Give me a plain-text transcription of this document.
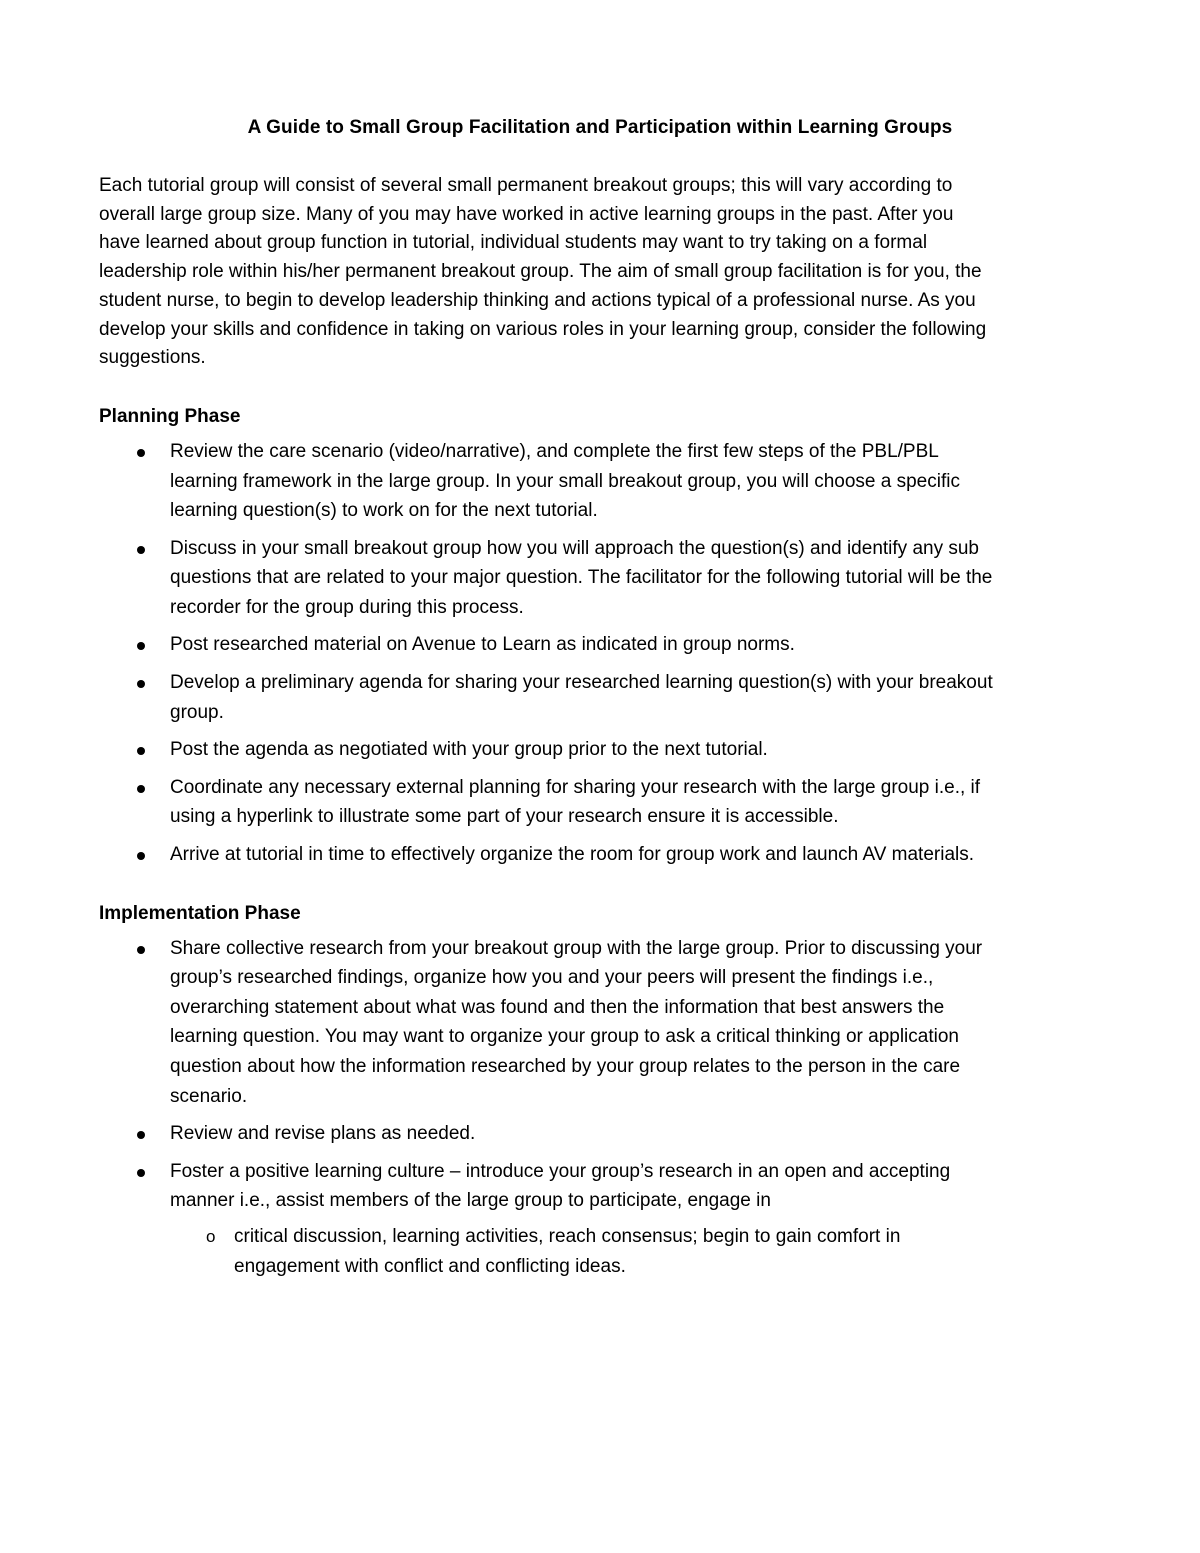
A Guide to Small Group Facilitation and Participation within Learning Groups

Each tutorial group will consist of several small permanent breakout groups; this will vary according to overall large group size. Many of you may have worked in active learning groups in the past. After you have learned about group function in tutorial, individual students may want to try taking on a formal leadership role within his/her permanent breakout group. The aim of small group facilitation is for you, the student nurse, to begin to develop leadership thinking and actions typical of a professional nurse. As you develop your skills and confidence in taking on various roles in your learning group, consider the following suggestions.

Planning Phase
Review the care scenario (video/narrative), and complete the first few steps of the PBL/PBL learning framework in the large group. In your small breakout group, you will choose a specific learning question(s) to work on for the next tutorial.
Discuss in your small breakout group how you will approach the question(s) and identify any sub questions that are related to your major question. The facilitator for the following tutorial will be the recorder for the group during this process.
Post researched material on Avenue to Learn as indicated in group norms.
Develop a preliminary agenda for sharing your researched learning question(s) with your breakout group.
Post the agenda as negotiated with your group prior to the next tutorial.
Coordinate any necessary external planning for sharing your research with the large group i.e., if using a hyperlink to illustrate some part of your research ensure it is accessible.
Arrive at tutorial in time to effectively organize the room for group work and launch AV materials.
Implementation Phase
Share collective research from your breakout group with the large group. Prior to discussing your group’s researched findings, organize how you and your peers will present the findings i.e., overarching statement about what was found and then the information that best answers the learning question. You may want to organize your group to ask a critical thinking or application question about how the information researched by your group relates to the person in the care scenario.
Review and revise plans as needed.
Foster a positive learning culture – introduce your group’s research in an open and accepting manner i.e., assist members of the large group to participate, engage in
o critical discussion, learning activities, reach consensus; begin to gain comfort in engagement with conflict and conflicting ideas.
